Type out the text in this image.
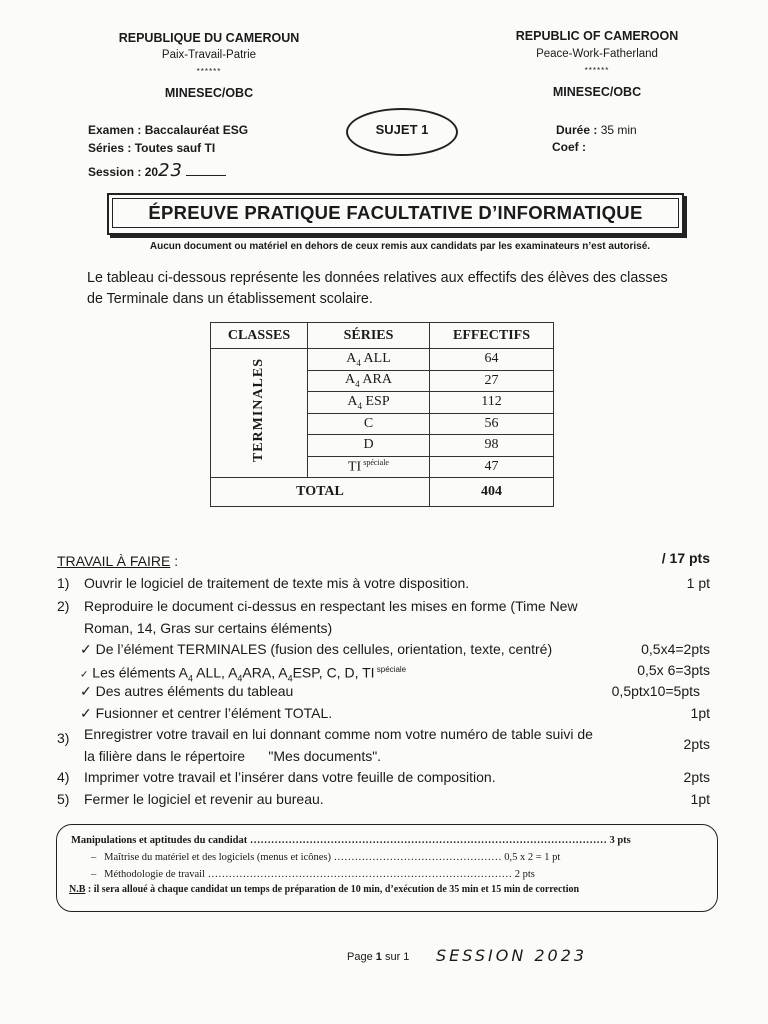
REPUBLIQUE DU CAMEROUN
Paix-Travail-Patrie
******
MINESEC/OBC
REPUBLIC OF CAMEROON
Peace-Work-Fatherland
******
MINESEC/OBC
Examen : Baccalauréat ESG
Séries : Toutes sauf TI
Session : 2023
SUJET 1	Durée : 35 min
Coef :
ÉPREUVE PRATIQUE FACULTATIVE D’INFORMATIQUE
Aucun document ou matériel en dehors de ceux remis aux candidats par les examinateurs n’est autorisé.
Le tableau ci-dessous représente les données relatives aux effectifs des élèves des classes de Terminale dans un établissement scolaire.
CLASSES	SÉRIES	EFFECTIFS
TERMINALES	$A_4$ ALL	64
	$A_4$ ARA	27
	$A_4$ ESP	112
	C	56
	D	98
	TI $^{spéciale}$	47
TOTAL		404
TRAVAIL À FAIRE :	/ 17 pts
1) Ouvrir le logiciel de traitement de texte mis à votre disposition.	1 pt
2) Reproduire le document ci-dessus en respectant les mises en forme (Time New Roman, 14, Gras sur certains éléments)
✓ De l’élément TERMINALES (fusion des cellules, orientation, texte, centré)	0,5x4=2pts
✓ Les éléments $A_4$ ALL, $A_4ARA$, $A_4ESP$, C, D, TI $^{spéciale}$	0,5x 6=3pts
✓ Des autres éléments du tableau	0,5ptx10=5pts
✓ Fusionner et centrer l’élément TOTAL.	1pt
3) Enregistrer votre travail en lui donnant comme nom votre numéro de table suivi de la filière dans le répertoire      "Mes documents".
2pts
4) Imprimer votre travail et l’insérer dans votre feuille de composition.	2pts
5) Fermer le logiciel et revenir au bureau.	1pt
Manipulations et aptitudes du candidat ………………………………………………………………………………………… 3 pts
– Maîtrise du matériel et des logiciels (menus et icônes) ………………………………………… 0,5 x 2 = 1 pt
– Méthodologie de travail …………………………………………………………………………… 2 pts
N.B : il sera alloué à chaque candidat un temps de préparation de 10 min, d’exécution de 35 min et 15 min de correction
Page 1 sur 1 SESSION 2023
